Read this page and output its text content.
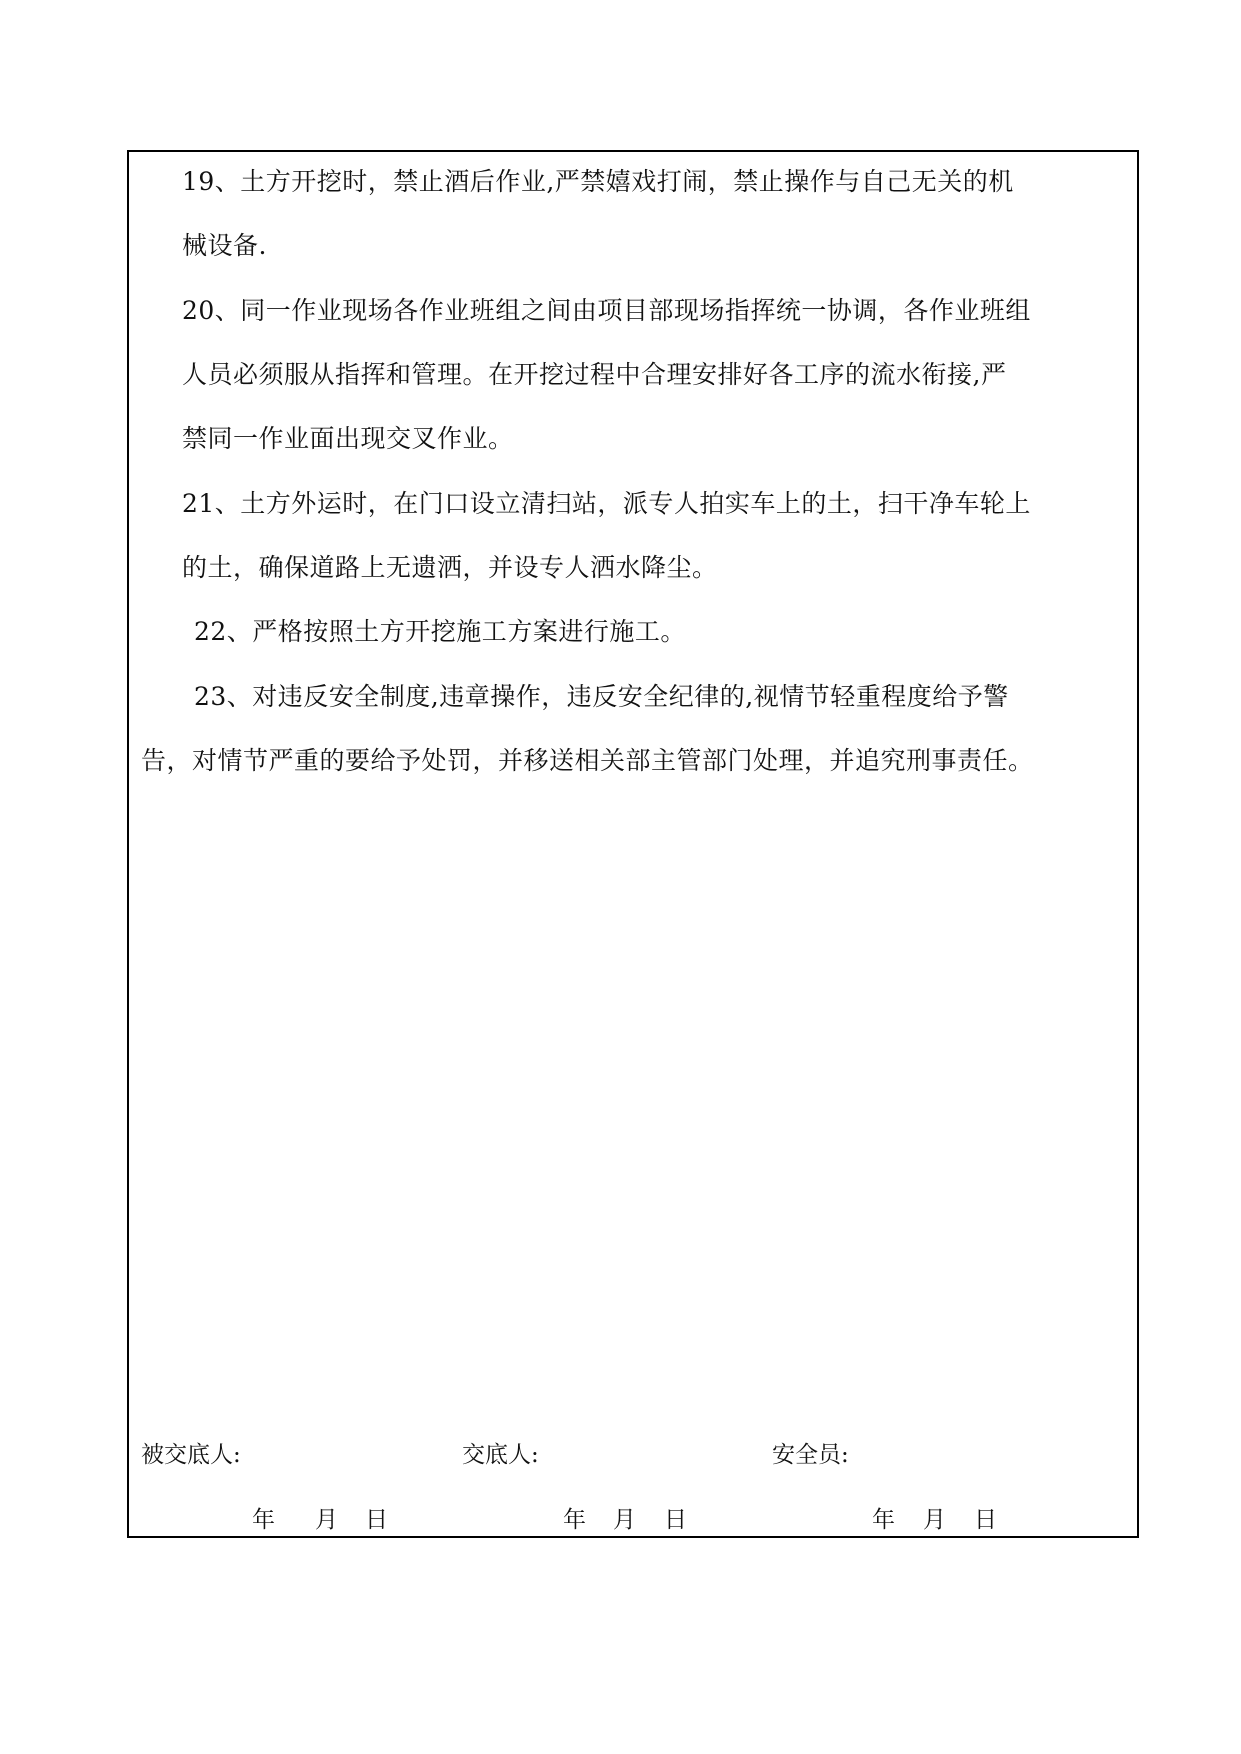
19、土方开挖时，禁止酒后作业,严禁嬉戏打闹，禁止操作与自己无关的机
械设备.
20、同一作业现场各作业班组之间由项目部现场指挥统一协调，各作业班组
人员必须服从指挥和管理。在开挖过程中合理安排好各工序的流水衔接,严
禁同一作业面出现交叉作业。
21、土方外运时，在门口设立清扫站，派专人拍实车上的土，扫干净车轮上
的土，确保道路上无遗洒，并设专人洒水降尘。
22、严格按照土方开挖施工方案进行施工。
23、对违反安全制度,违章操作，违反安全纪律的,视情节轻重程度给予警
告，对情节严重的要给予处罚，并移送相关部主管部门处理，并追究刑事责任。
被交底人:	交底人:	安全员:
年 月 日	年 月 日	年 月 日
